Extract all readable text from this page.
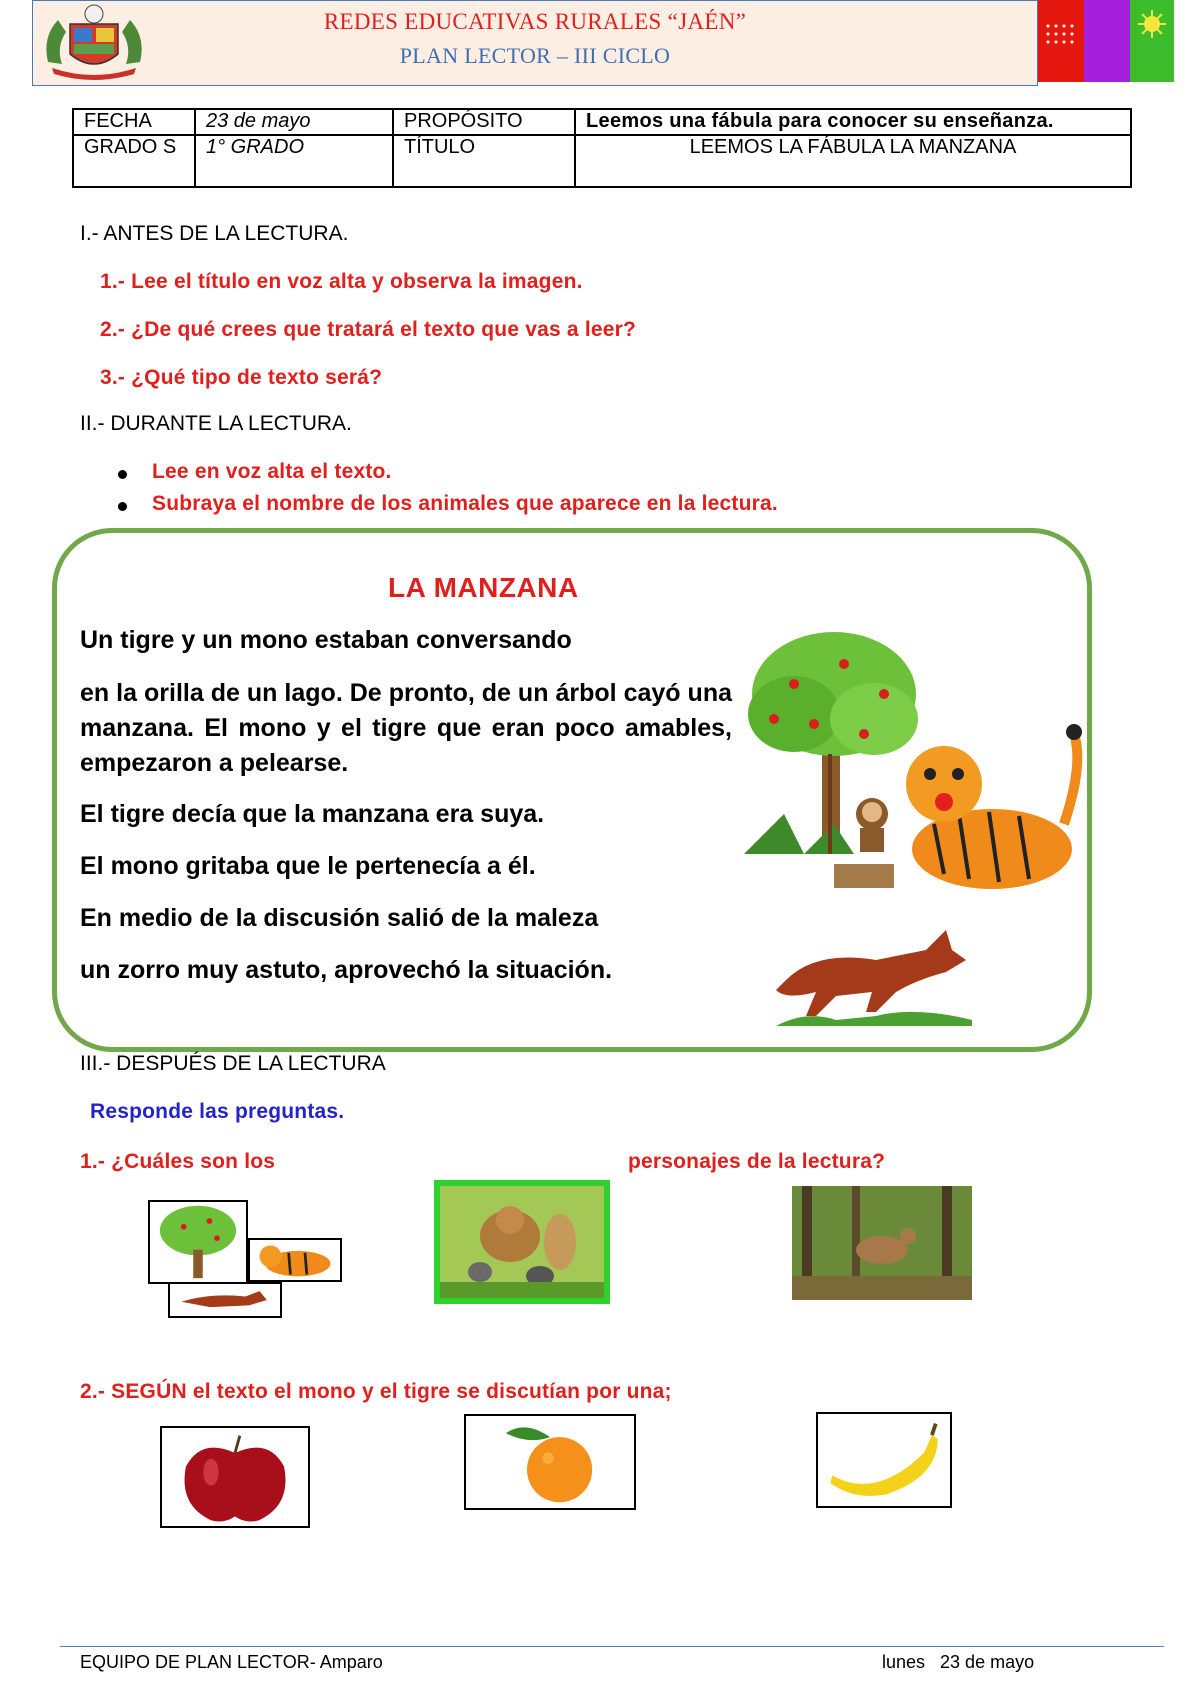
REDES EDUCATIVAS RURALES “JAÉN”
PLAN LECTOR – III CICLO
FECHA	23 de mayo	PROPÓSITO	Leemos una fábula para conocer su enseñanza.
GRADO S	1° GRADO	TÍTULO	LEEMOS LA FÁBULA LA MANZANA
I.- ANTES DE LA LECTURA.
1.- Lee el título en voz alta y observa la imagen.
2.- ¿De qué crees que tratará el texto que vas a leer?
3.- ¿Qué tipo de texto será?
II.- DURANTE LA LECTURA.
Lee en voz alta el texto.
Subraya el nombre de los animales que aparece en la lectura.
LA MANZANA
Un tigre y un mono estaban conversando
en la orilla de un lago. De pronto, de un árbol cayó una manzana. El mono y el tigre que eran poco amables, empezaron a pelearse.
El tigre decía que la manzana era suya.
El mono gritaba que le pertenecía a él.
En medio de la discusión salió de la maleza
un zorro muy astuto, aprovechó la situación.
III.- DESPUÉS DE LA LECTURA
Responde las preguntas.
1.- ¿Cuáles son los	personajes de la lectura?
2.- SEGÚN el texto el mono y el tigre se discutían por una;
EQUIPO DE PLAN LECTOR- Amparo	lunes   23 de mayo
